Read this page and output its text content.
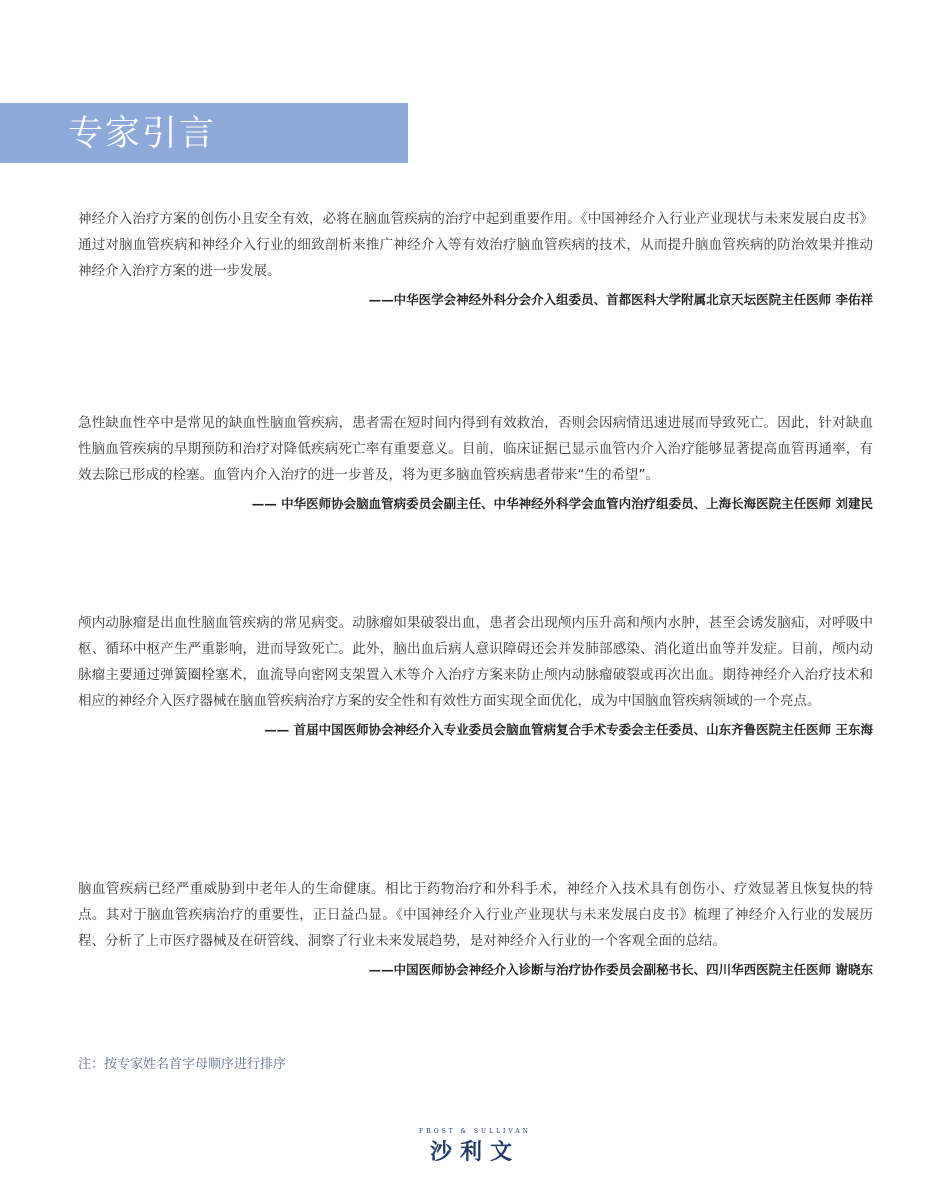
专家引言

神经介入治疗方案的创伤小且安全有效，必将在脑血管疾病的治疗中起到重要作用。《中国神经介入行业产业现状与未来发展白皮书》通过对脑血管疾病和神经介入行业的细致剖析来推广神经介入等有效治疗脑血管疾病的技术，从而提升脑血管疾病的防治效果并推动神经介入治疗方案的进一步发展。

——中华医学会神经外科分会介入组委员、首都医科大学附属北京天坛医院主任医师 李佑祥

急性缺血性卒中是常见的缺血性脑血管疾病，患者需在短时间内得到有效救治，否则会因病情迅速进展而导致死亡。因此，针对缺血性脑血管疾病的早期预防和治疗对降低疾病死亡率有重要意义。目前，临床证据已显示血管内介入治疗能够显著提高血管再通率，有效去除已形成的栓塞。血管内介入治疗的进一步普及，将为更多脑血管疾病患者带来“生的希望”。

—— 中华医师协会脑血管病委员会副主任、中华神经外科学会血管内治疗组委员、上海长海医院主任医师 刘建民

颅内动脉瘤是出血性脑血管疾病的常见病变。动脉瘤如果破裂出血，患者会出现颅内压升高和颅内水肿，甚至会诱发脑疝，对呼吸中枢、循环中枢产生严重影响，进而导致死亡。此外，脑出血后病人意识障碍还会并发肺部感染、消化道出血等并发症。目前，颅内动脉瘤主要通过弹簧圈栓塞术，血流导向密网支架置入术等介入治疗方案来防止颅内动脉瘤破裂或再次出血。期待神经介入治疗技术和相应的神经介入医疗器械在脑血管疾病治疗方案的安全性和有效性方面实现全面优化，成为中国脑血管疾病领域的一个亮点。

—— 首届中国医师协会神经介入专业委员会脑血管病复合手术专委会主任委员、山东齐鲁医院主任医师 王东海

脑血管疾病已经严重威胁到中老年人的生命健康。相比于药物治疗和外科手术，神经介入技术具有创伤小、疗效显著且恢复快的特点。其对于脑血管疾病治疗的重要性，正日益凸显。《中国神经介入行业产业现状与未来发展白皮书》梳理了神经介入行业的发展历程、分析了上市医疗器械及在研管线、洞察了行业未来发展趋势，是对神经介入行业的一个客观全面的总结。

——中国医师协会神经介入诊断与治疗协作委员会副秘书长、四川华西医院主任医师 谢晓东

注：按专家姓名首字母顺序进行排序
FROST & SULLIVAN
沙利文
